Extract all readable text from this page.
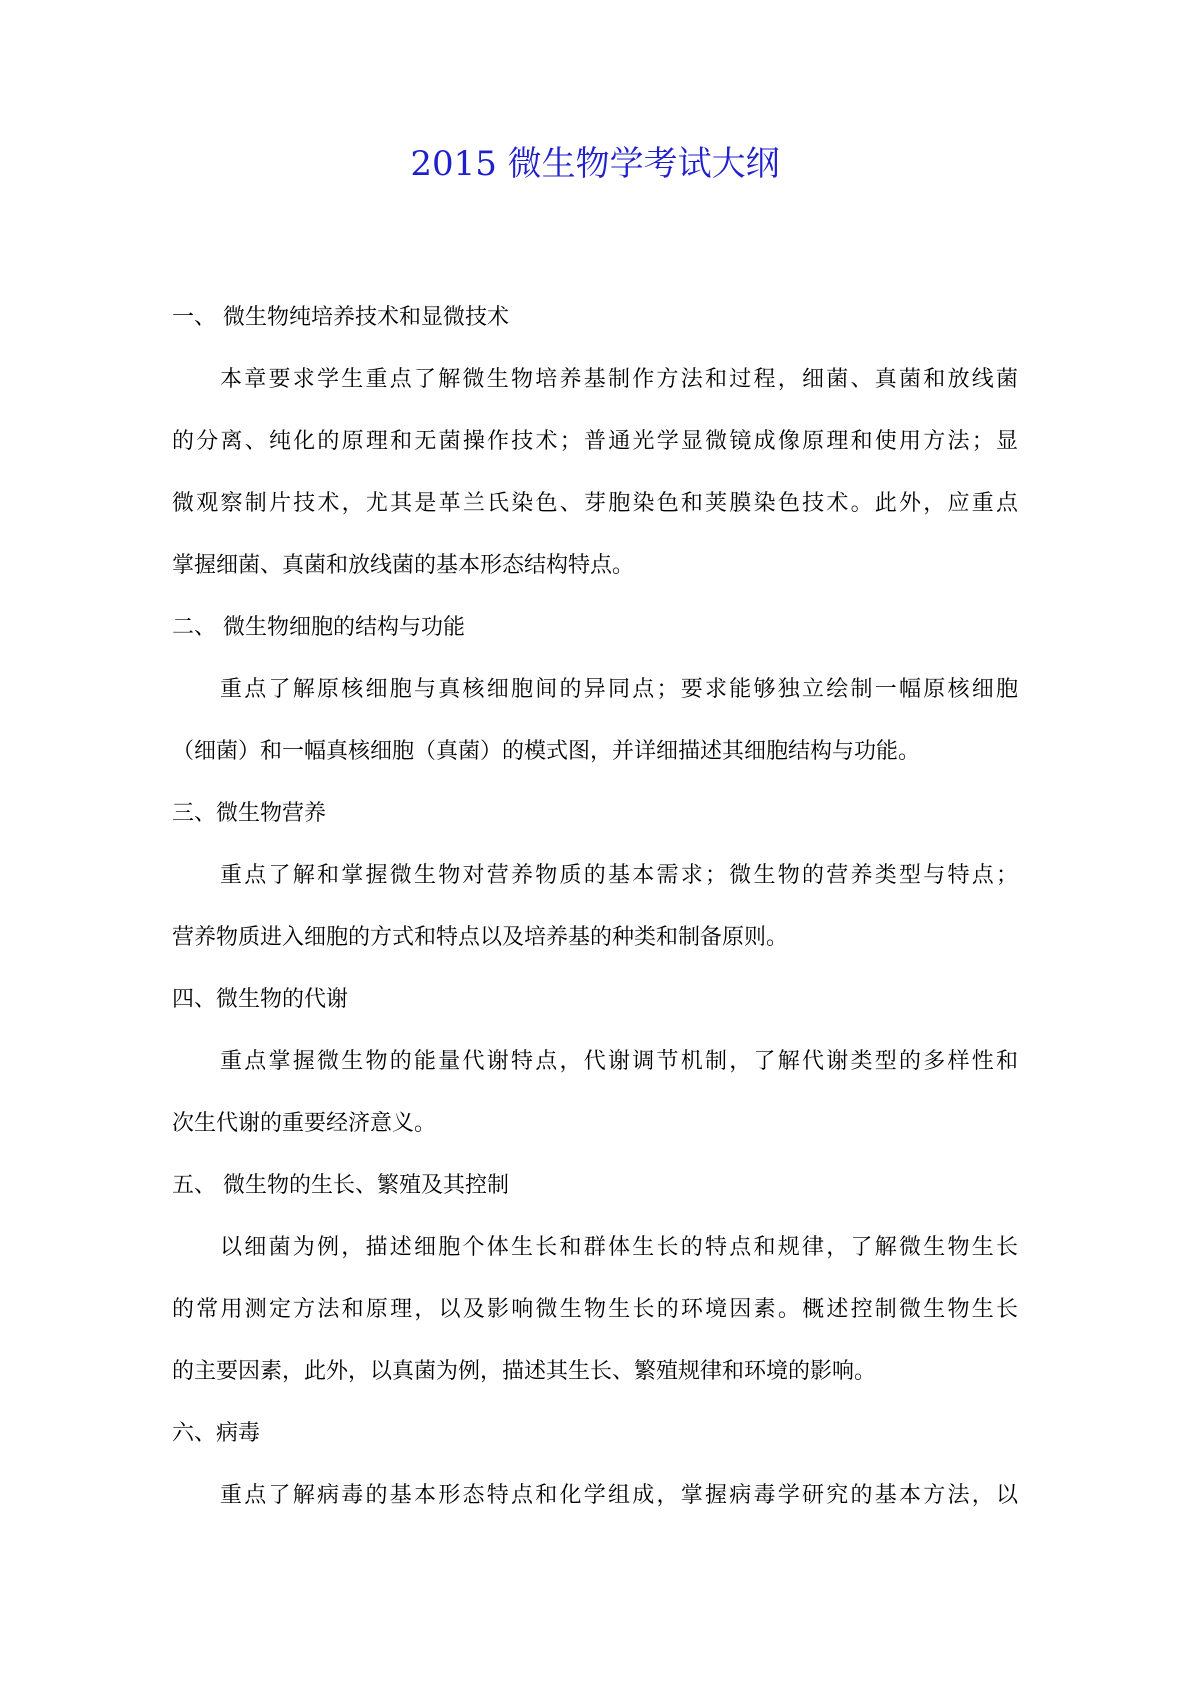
2015 微生物学考试大纲

一、 微生物纯培养技术和显微技术

本章要求学生重点了解微生物培养基制作方法和过程，细菌、真菌和放线菌
的分离、纯化的原理和无菌操作技术；普通光学显微镜成像原理和使用方法；显
微观察制片技术，尤其是革兰氏染色、芽胞染色和荚膜染色技术。此外，应重点
掌握细菌、真菌和放线菌的基本形态结构特点。

二、 微生物细胞的结构与功能

重点了解原核细胞与真核细胞间的异同点；要求能够独立绘制一幅原核细胞
（细菌）和一幅真核细胞（真菌）的模式图，并详细描述其细胞结构与功能。

三、微生物营养

重点了解和掌握微生物对营养物质的基本需求；微生物的营养类型与特点；
营养物质进入细胞的方式和特点以及培养基的种类和制备原则。

四、微生物的代谢

重点掌握微生物的能量代谢特点，代谢调节机制，了解代谢类型的多样性和
次生代谢的重要经济意义。

五、 微生物的生长、繁殖及其控制

以细菌为例，描述细胞个体生长和群体生长的特点和规律，了解微生物生长
的常用测定方法和原理，以及影响微生物生长的环境因素。概述控制微生物生长
的主要因素，此外，以真菌为例，描述其生长、繁殖规律和环境的影响。

六、病毒

重点了解病毒的基本形态特点和化学组成，掌握病毒学研究的基本方法，以
